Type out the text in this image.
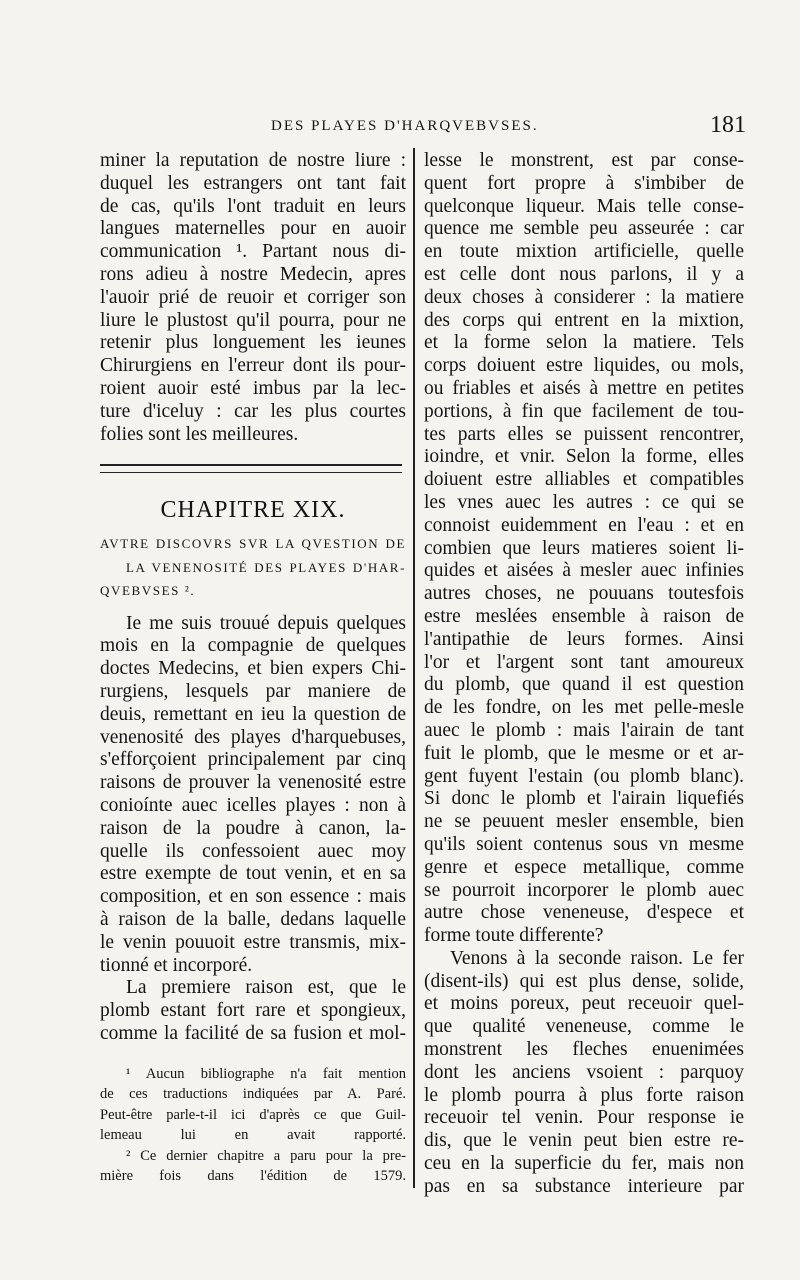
DES PLAYES D'HARQVEBVSES.	181
miner la reputation de nostre liure :
duquel les estrangers ont tant fait
de cas, qu'ils l'ont traduit en leurs
langues maternelles pour en auoir
communication ¹. Partant nous di-
rons adieu à nostre Medecin, apres
l'auoir prié de reuoir et corriger son
liure le plustost qu'il pourra, pour ne
retenir plus longuement les ieunes
Chirurgiens en l'erreur dont ils pour-
roient auoir esté imbus par la lec-
ture d'iceluy : car les plus courtes
folies sont les meilleures.
CHAPITRE XIX.
AVTRE DISCOVRS SVR LA QVESTION DE
LA VENENOSITÉ DES PLAYES D'HAR-
QVEBVSES ².
Ie me suis trouué depuis quelques
mois en la compagnie de quelques
doctes Medecins, et bien expers Chi-
rurgiens, lesquels par maniere de
deuis, remettant en ieu la question de
venenosité des playes d'harquebuses,
s'efforçoient principalement par cinq
raisons de prouver la venenosité estre
conioínte auec icelles playes : non à
raison de la poudre à canon, la-
quelle ils confessoient auec moy
estre exempte de tout venin, et en sa
composition, et en son essence : mais
à raison de la balle, dedans laquelle
le venin pouuoit estre transmis, mix-
tionné et incorporé.
La premiere raison est, que le
plomb estant fort rare et spongieux,
comme la facilité de sa fusion et mol-
¹ Aucun bibliographe n'a fait mention
de ces traductions indiquées par A. Paré.
Peut-être parle-t-il ici d'après ce que Guil-
lemeau lui en avait rapporté.
² Ce dernier chapitre a paru pour la pre-
mière fois dans l'édition de 1579.
lesse le monstrent, est par conse-
quent fort propre à s'imbiber de
quelconque liqueur. Mais telle conse-
quence me semble peu asseurée : car
en toute mixtion artificielle, quelle
est celle dont nous parlons, il y a
deux choses à considerer : la matiere
des corps qui entrent en la mixtion,
et la forme selon la matiere. Tels
corps doiuent estre liquides, ou mols,
ou friables et aisés à mettre en petites
portions, à fin que facilement de tou-
tes parts elles se puissent rencontrer,
ioindre, et vnir. Selon la forme, elles
doiuent estre alliables et compatibles
les vnes auec les autres : ce qui se
connoist euidemment en l'eau : et en
combien que leurs matieres soient li-
quides et aisées à mesler auec infinies
autres choses, ne pouuans toutesfois
estre meslées ensemble à raison de
l'antipathie de leurs formes. Ainsi
l'or et l'argent sont tant amoureux
du plomb, que quand il est question
de les fondre, on les met pelle-mesle
auec le plomb : mais l'airain de tant
fuit le plomb, que le mesme or et ar-
gent fuyent l'estain (ou plomb blanc).
Si donc le plomb et l'airain liquefiés
ne se peuuent mesler ensemble, bien
qu'ils soient contenus sous vn mesme
genre et espece metallique, comme
se pourroit incorporer le plomb auec
autre chose veneneuse, d'espece et
forme toute differente?
Venons à la seconde raison. Le fer
(disent-ils) qui est plus dense, solide,
et moins poreux, peut receuoir quel-
que qualité veneneuse, comme le
monstrent les fleches enuenimées
dont les anciens vsoient : parquoy
le plomb pourra à plus forte raison
receuoir tel venin. Pour response ie
dis, que le venin peut bien estre re-
ceu en la superficie du fer, mais non
pas en sa substance interieure par
